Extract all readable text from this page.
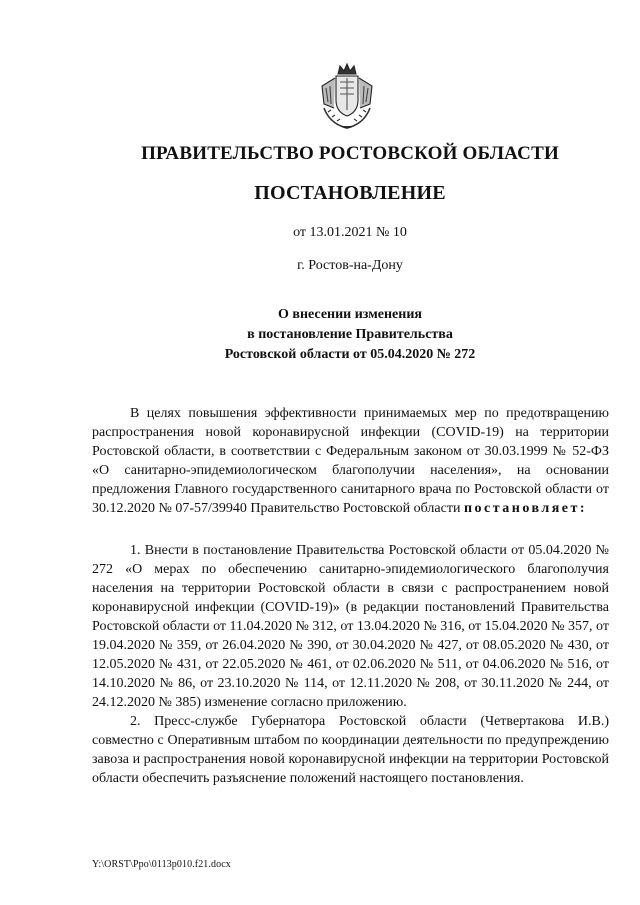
ПРАВИТЕЛЬСТВО РОСТОВСКОЙ ОБЛАСТИ
ПОСТАНОВЛЕНИЕ
от 13.01.2021 № 10
г. Ростов-на-Дону
О внесении изменения
в постановление Правительства
Ростовской области от 05.04.2020 № 272

В целях повышения эффективности принимаемых мер по предотвращению распространения новой коронавирусной инфекции (COVID-19) на территории Ростовской области, в соответствии с Федеральным законом от 30.03.1999 № 52-ФЗ «О санитарно-эпидемиологическом благополучии населения», на основании предложения Главного государственного санитарного врача по Ростовской области от 30.12.2020 № 07-57/39940 Правительство Ростовской области постановляет:

1. Внести в постановление Правительства Ростовской области от 05.04.2020 № 272 «О мерах по обеспечению санитарно-эпидемиологического благополучия населения на территории Ростовской области в связи с распространением новой коронавирусной инфекции (COVID-19)» (в редакции постановлений Правительства Ростовской области от 11.04.2020 № 312, от 13.04.2020 № 316, от 15.04.2020 № 357, от 19.04.2020 № 359, от 26.04.2020 № 390, от 30.04.2020 № 427, от 08.05.2020 № 430, от 12.05.2020 № 431, от 22.05.2020 № 461, от 02.06.2020 № 511, от 04.06.2020 № 516, от 14.10.2020 № 86, от 23.10.2020 № 114, от 12.11.2020 № 208, от 30.11.2020 № 244, от 24.12.2020 № 385) изменение согласно приложению.

2. Пресс-службе Губернатора Ростовской области (Четвертакова И.В.) совместно с Оперативным штабом по координации деятельности по предупреждению завоза и распространения новой коронавирусной инфекции на территории Ростовской области обеспечить разъяснение положений настоящего постановления.

Y:\ORST\Ppo\0113p010.f21.docx
